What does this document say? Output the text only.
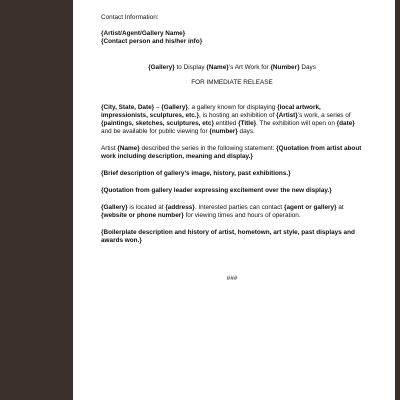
Contact Information:
{Artist/Agent/Gallery Name}
{Contact person and his/her info}
{Gallery} to Display {Name}’s Art Work for {Number} Days
FOR IMMEDIATE RELEASE
{City, State, Date} – {Gallery}, a gallery known for displaying {local artwork, impressionists, sculptures, etc.}, is hosting an exhibition of {Artist}’s work, a series of {paintings, sketches, sculptures, etc} entitled {Title}. The exhibition will open on {date} and be available for public viewing for {number} days.
Artist {Name} described the series in the following statement: {Quotation from artist about work including description, meaning and display.}
{Brief description of gallery’s image, history, past exhibitions.}
{Quotation from gallery leader expressing excitement over the new display.}
{Gallery} is located at {address}. Interested parties can contact {agent or gallery} at {website or phone number} for viewing times and hours of operation.
{Boilerplate description and history of artist, hometown, art style, past displays and awards won.}
###
